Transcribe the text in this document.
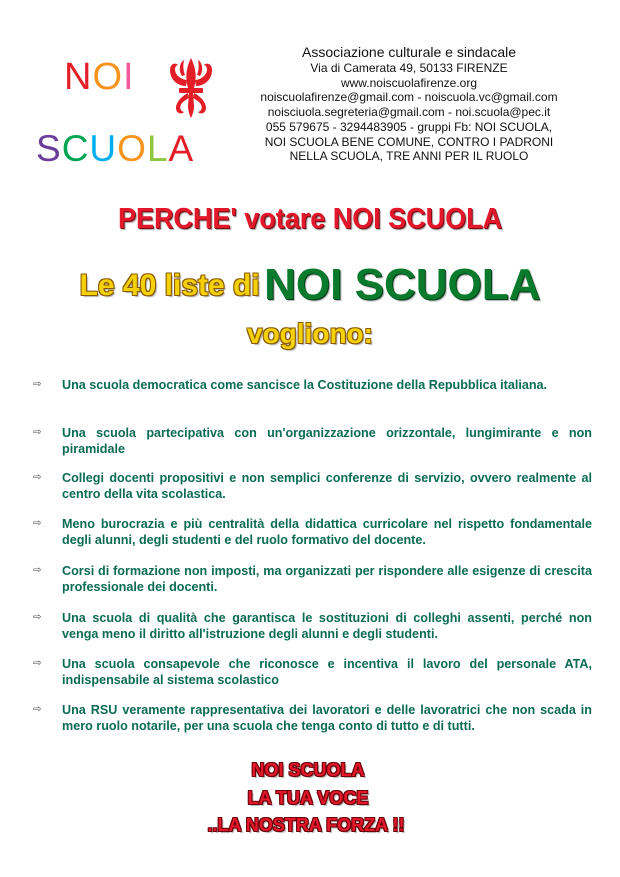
NOI
SCUOLA

Associazione culturale e sindacale

Via di Camerata 49, 50133 FIRENZE

www.noiscuolafirenze.org

noiscuolafirenze@gmail.com - noiscuola.vc@gmail.com

noisciuola.segreteria@gmail.com - noi.scuola@pec.it

055 579675 - 3294483905 - gruppi Fb: NOI SCUOLA,

NOI SCUOLA BENE COMUNE, CONTRO I PADRONI

NELLA SCUOLA, TRE ANNI PER IL RUOLO

PERCHE' votare NOI SCUOLA
Le 40 liste di NOI SCUOLA
vogliono:
⇨ Una scuola democratica come sancisce la Costituzione della Repubblica italiana.
⇨ Una scuola partecipativa con un'organizzazione orizzontale, lungimirante e non piramidale
⇨ Collegi docenti propositivi e non semplici conferenze di servizio, ovvero realmente al centro della vita scolastica.
⇨ Meno burocrazia e più centralità della didattica curricolare nel rispetto fondamentale degli alunni, degli studenti e del ruolo formativo del docente.
⇨ Corsi di formazione non imposti, ma organizzati per rispondere alle esigenze di crescita professionale dei docenti.
⇨ Una scuola di qualità che garantisca le sostituzioni di colleghi assenti, perché non venga meno il diritto all'istruzione degli alunni e degli studenti.
⇨ Una scuola consapevole che riconosce e incentiva il lavoro del personale ATA, indispensabile al sistema scolastico
⇨ Una RSU veramente rappresentativa dei lavoratori e delle lavoratrici che non scada in mero ruolo notarile, per una scuola che tenga conto di tutto e di tutti.
NOI SCUOLA
LA TUA VOCE
..LA NOSTRA FORZA !!
